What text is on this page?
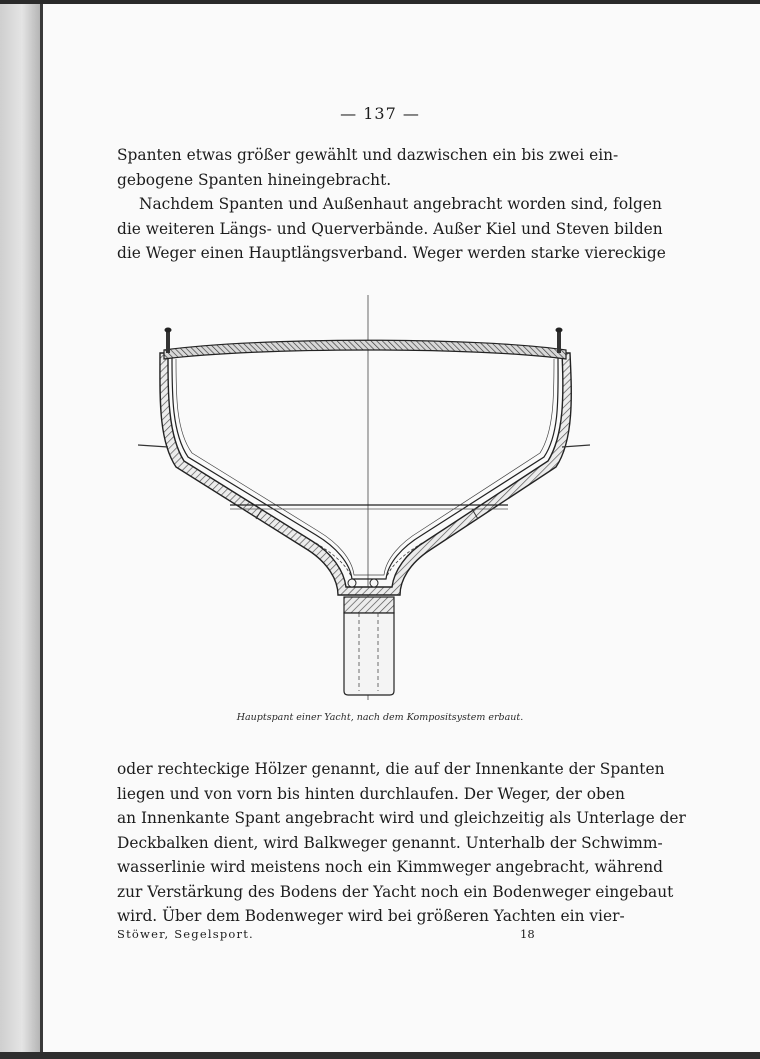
— 137 —

Spanten etwas größer gewählt und dazwischen ein bis zwei ein-
gebogene Spanten hineingebracht.

Nachdem Spanten und Außenhaut angebracht worden sind, folgen
die weiteren Längs- und Querverbände. Außer Kiel und Steven bilden
die Weger einen Hauptlängsverband. Weger werden starke viereckige

Hauptspant einer Yacht, nach dem Kompositsystem erbaut.

oder rechteckige Hölzer genannt, die auf der Innenkante der Spanten
liegen und von vorn bis hinten durchlaufen. Der Weger, der oben
an Innenkante Spant angebracht wird und gleichzeitig als Unterlage der
Deckbalken dient, wird Balkweger genannt. Unterhalb der Schwimm-
wasserlinie wird meistens noch ein Kimmweger angebracht, während
zur Verstärkung des Bodens der Yacht noch ein Bodenweger eingebaut
wird. Über dem Bodenweger wird bei größeren Yachten ein vier-

Stöwer, Segelsport.	18
